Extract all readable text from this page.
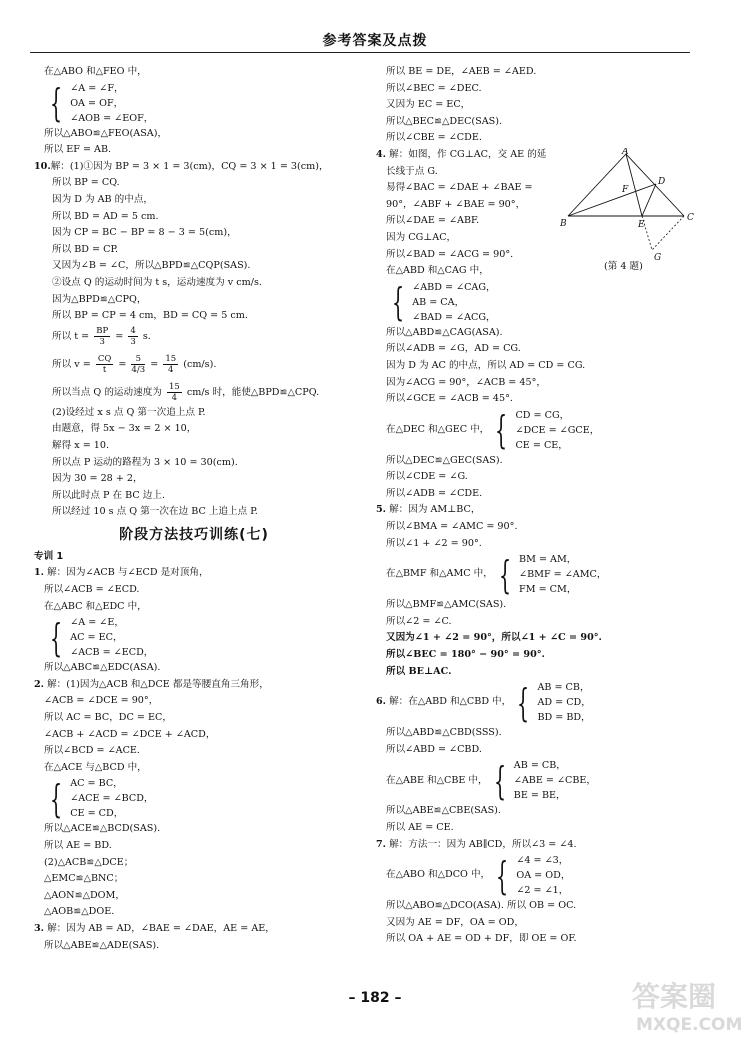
参考答案及点拨
在△ABO 和△FEO 中，
{ ∠A = ∠F，
OA = OF，
∠AOB = ∠EOF，
所以△ABO≌△FEO(ASA)，
所以 EF = AB.
10.解：(1)①因为 BP = 3 × 1 = 3(cm)，CQ = 3 × 1 = 3(cm)，
所以 BP = CQ.
因为 D 为 AB 的中点，
所以 BD = AD = 5 cm.
因为 CP = BC − BP = 8 − 3 = 5(cm)，
所以 BD = CP.
又因为∠B = ∠C，所以△BPD≌△CQP(SAS).
②设点 Q 的运动时间为 t s，运动速度为 v cm/s.
因为△BPD≌△CPQ，
所以 BP = CP = 4 cm，BD = CQ = 5 cm.
所以 $t = \frac{BP}{3} = \frac{4}{3} s$.
所以 $v = \frac{CQ}{t} = \frac{5}{4/3} = \frac{15}{4} (cm/s)$.
所以当点 Q 的运动速度为 $\frac{15}{4} cm/s$ 时，能使△BPD≌△CPQ.
(2)设经过 x s 点 Q 第一次追上点 P.
由题意，得 5x − 3x = 2 × 10，
解得 x = 10.
所以点 P 运动的路程为 3 × 10 = 30(cm).
因为 30 = 28 + 2，
所以此时点 P 在 BC 边上.
所以经过 10 s 点 Q 第一次在边 BC 上追上点 P.
阶段方法技巧训练(七)
专训 1
1. 解：因为∠ACB 与∠ECD 是对顶角，
所以∠ACB = ∠ECD.
在△ABC 和△EDC 中，
{ ∠A = ∠E，
AC = EC，
∠ACB = ∠ECD，
所以△ABC≌△EDC(ASA).
2. 解：(1)因为△ACB 和△DCE 都是等腰直角三角形，
∠ACB = ∠DCE = 90°，
所以 AC = BC，DC = EC，
∠ACB + ∠ACD = ∠DCE + ∠ACD，
所以∠BCD = ∠ACE.
在△ACE 与△BCD 中，
{ AC = BC，
∠ACE = ∠BCD，
CE = CD，
所以△ACE≌△BCD(SAS).
所以 AE = BD.
(2)△ACB≌△DCE；
△EMC≌△BNC；
△AON≌△DOM，
△AOB≌△DOE.
3. 解：因为 AB = AD，∠BAE = ∠DAE，AE = AE，
所以△ABE≌△ADE(SAS).
所以 BE = DE，∠AEB = ∠AED.
所以∠BEC = ∠DEC.
又因为 EC = EC，
所以△BEC≌△DEC(SAS).
所以∠CBE = ∠CDE.
4. 解：如图，作 CG⊥AC，交 AE 的延
长线于点 G.
易得∠BAC = ∠DAE + ∠BAE =
90°，∠ABF + ∠BAE = 90°，
所以∠DAE = ∠ABF.
因为 CG⊥AC，
所以∠BAD = ∠ACG = 90°.
在△ABD 和△CAG 中，
{ ∠ABD = ∠CAG，
AB = CA，
∠BAD = ∠ACG，
所以△ABD≌△CAG(ASA).
所以∠ADB = ∠G，AD = CG.
因为 D 为 AC 的中点，所以 AD = CD = CG.
因为∠ACG = 90°，∠ACB = 45°，
所以∠GCE = ∠ACB = 45°.
在△DEC 和△GEC 中， { CD = CG，
∠DCE = ∠GCE，
CE = CE，
所以△DEC≌△GEC(SAS).
所以∠CDE = ∠G.
所以∠ADB = ∠CDE.
5. 解：因为 AM⊥BC，
所以∠BMA = ∠AMC = 90°.
所以∠1 + ∠2 = 90°.
在△BMF 和△AMC 中， { BM = AM，
∠BMF = ∠AMC，
FM = CM，
所以△BMF≌△AMC(SAS).
所以∠2 = ∠C.
又因为∠1 + ∠2 = 90°，所以∠1 + ∠C = 90°.
所以∠BEC = 180° − 90° = 90°.
所以 BE⊥AC.
6.
解：在△ABD 和△CBD 中， { AB = CB，
AD = CD，
BD = BD，
所以△ABD≌△CBD(SSS).
所以∠ABD = ∠CBD.
在△ABE 和△CBE 中， { AB = CB，
∠ABE = ∠CBE，
BE = BE，
所以△ABE≌△CBE(SAS).
所以 AE = CE.
7. 解：方法一：因为 AB∥CD，所以∠3 = ∠4.
在△ABO 和△DCO 中， { ∠4 = ∠3，
OA = OD，
∠2 = ∠1，
所以△ABO≌△DCO(ASA). 所以 OB = OC.
又因为 AE = DF，OA = OD，
所以 OA + AE = OD + DF，即 OE = OF.
A
B
C
D
E
F
G
(第 4 题)
– 182 –	答案圈
MXQE.COM
